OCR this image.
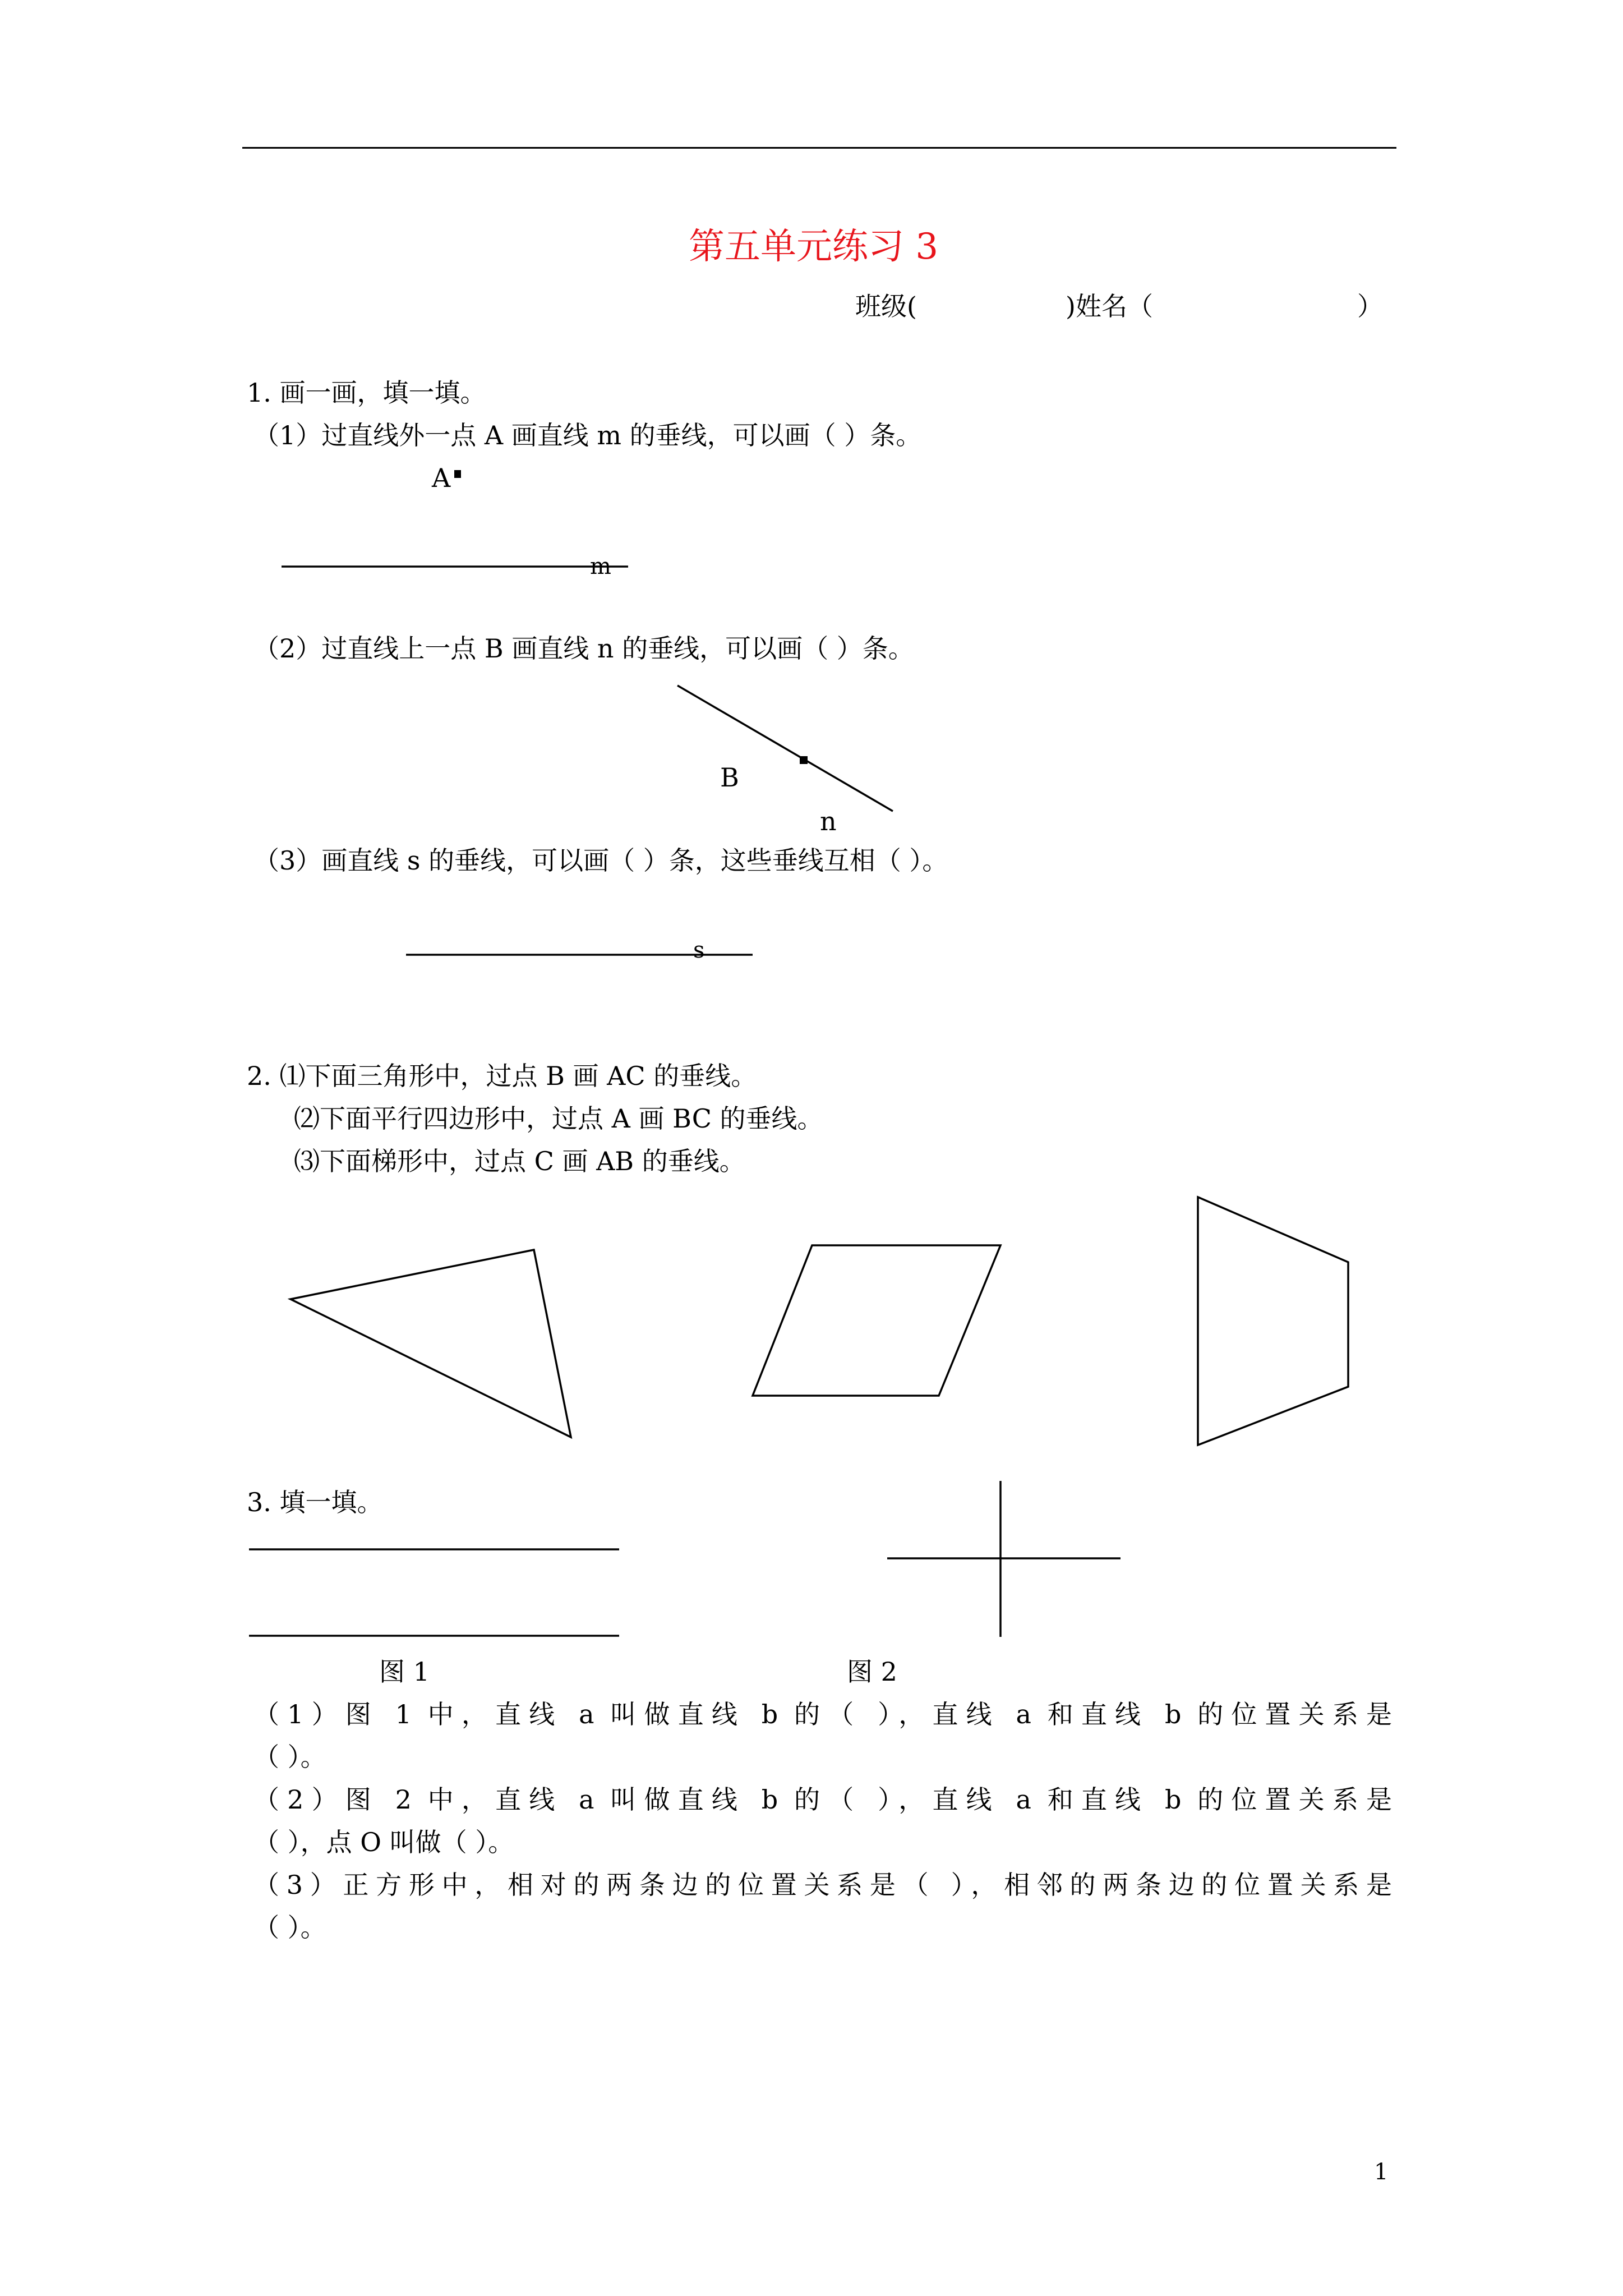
第五单元练习 3
班级(	)姓名（	）
1. 画一画，填一填。
（1）过直线外一点 A 画直线 m 的垂线，可以画（ ）条。
A
m
（2）过直线上一点 B 画直线 n 的垂线，可以画（ ）条。
B
n
（3）画直线 s 的垂线，可以画（ ）条，这些垂线互相（ ）。
s
2. ⑴下面三角形中，过点 B 画 AC 的垂线。
⑵下面平行四边形中，过点 A 画 BC 的垂线。
⑶下面梯形中，过点 C 画 AB 的垂线。
3. 填一填。
图 1	图 2
（1）图 1 中，直线 a 叫做直线 b 的（ ），直线 a 和直线 b 的位置关系是
（ ）。
（2）图 2 中，直线 a 叫做直线 b 的（ ），直线 a 和直线 b 的位置关系是
（ ），点 O 叫做（ ）。
（3）正方形中，相对的两条边的位置关系是（ ），相邻的两条边的位置关系是
（ ）。
1
